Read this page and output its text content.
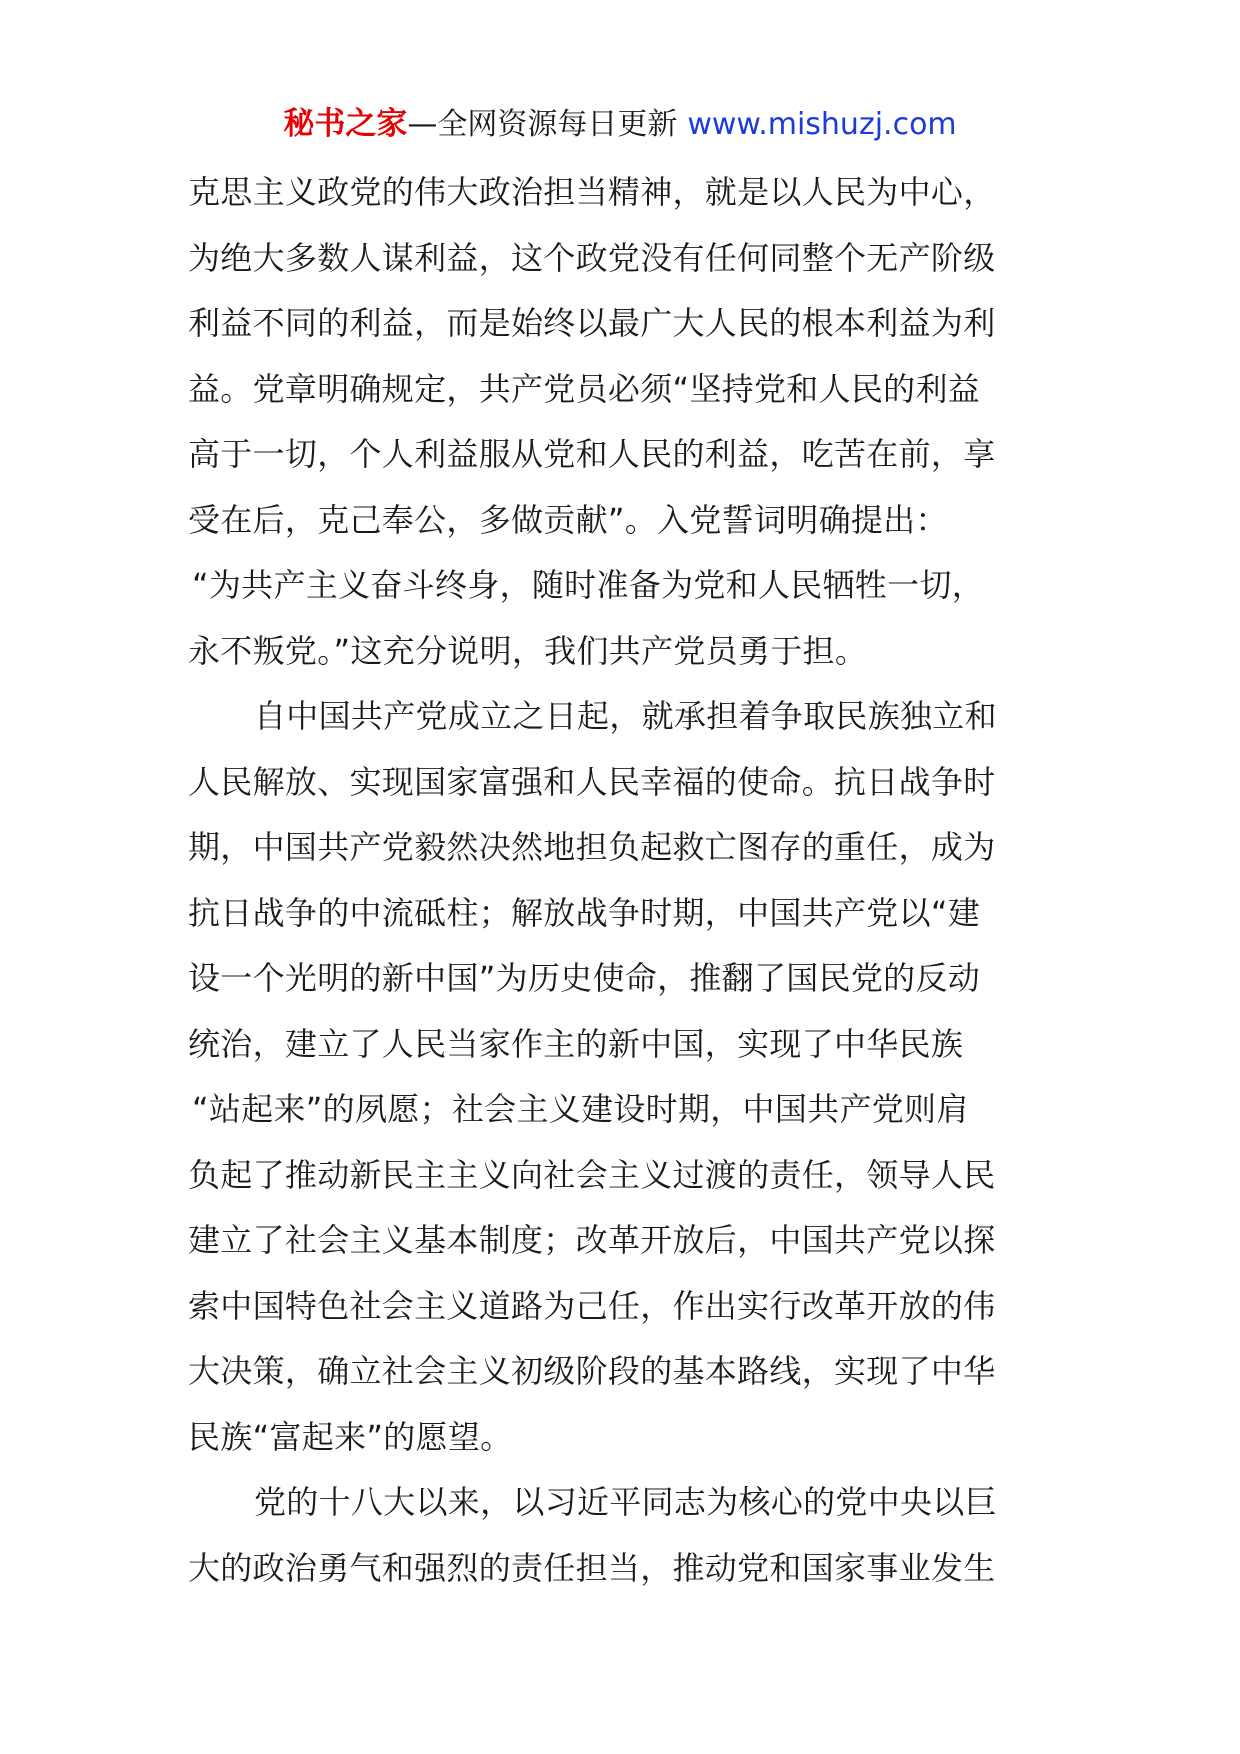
秘书之家—全网资源每日更新 www.mishuzj.com
克思主义政党的伟大政治担当精神，就是以人民为中心，
为绝大多数人谋利益，这个政党没有任何同整个无产阶级
利益不同的利益，而是始终以最广大人民的根本利益为利
益。党章明确规定，共产党员必须“坚持党和人民的利益
高于一切，个人利益服从党和人民的利益，吃苦在前，享
受在后，克己奉公，多做贡献”。入党誓词明确提出：
“为共产主义奋斗终身，随时准备为党和人民牺牲一切，
永不叛党。”这充分说明，我们共产党员勇于担。
自中国共产党成立之日起，就承担着争取民族独立和
人民解放、实现国家富强和人民幸福的使命。抗日战争时
期，中国共产党毅然决然地担负起救亡图存的重任，成为
抗日战争的中流砥柱；解放战争时期，中国共产党以“建
设一个光明的新中国”为历史使命，推翻了国民党的反动
统治，建立了人民当家作主的新中国，实现了中华民族
“站起来”的夙愿；社会主义建设时期，中国共产党则肩
负起了推动新民主主义向社会主义过渡的责任，领导人民
建立了社会主义基本制度；改革开放后，中国共产党以探
索中国特色社会主义道路为己任，作出实行改革开放的伟
大决策，确立社会主义初级阶段的基本路线，实现了中华
民族“富起来”的愿望。
党的十八大以来，以习近平同志为核心的党中央以巨
大的政治勇气和强烈的责任担当，推动党和国家事业发生
